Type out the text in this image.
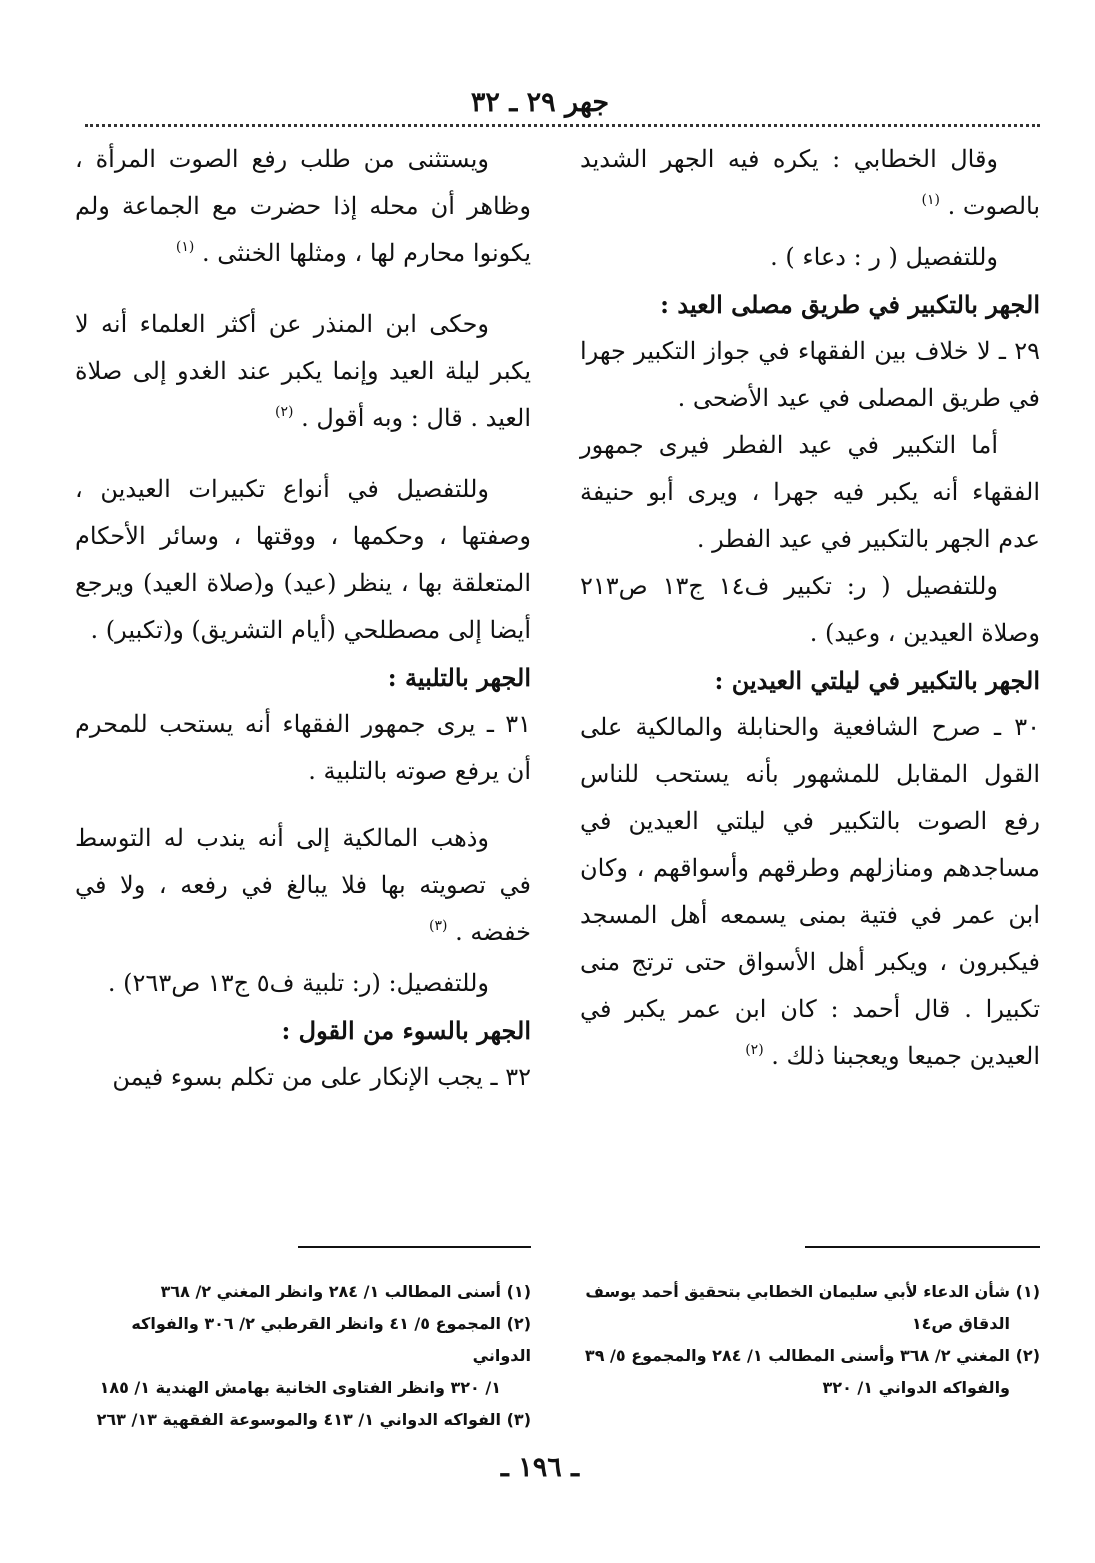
جهر ٢٩ ـ ٣٢

وقال الخطابي : يكره فيه الجهر الشديد بالصوت . $^{(١)}$

وللتفصيل ( ر : دعاء ) .

الجهر بالتكبير في طريق مصلى العيد :

٢٩ ـ لا خلاف بين الفقهاء في جواز التكبير جهرا في طريق المصلى في عيد الأضحى .

أما التكبير في عيد الفطر فيرى جمهور الفقهاء أنه يكبر فيه جهرا ، ويرى أبو حنيفة عدم الجهر بالتكبير في عيد الفطر .

وللتفصيل ( ر: تكبير ف١٤ ج١٣ ص٢١٣ وصلاة العيدين ، وعيد) .

الجهر بالتكبير في ليلتي العيدين :

٣٠ ـ صرح الشافعية والحنابلة والمالكية على القول المقابل للمشهور بأنه يستحب للناس رفع الصوت بالتكبير في ليلتي العيدين في مساجدهم ومنازلهم وطرقهم وأسواقهم ، وكان ابن عمر في فتية بمنى يسمعه أهل المسجد فيكبرون ، ويكبر أهل الأسواق حتى ترتج منى تكبيرا . قال أحمد : كان ابن عمر يكبر في العيدين جميعا ويعجبنا ذلك . $^{(٢)}$

ويستثنى من طلب رفع الصوت المرأة ، وظاهر أن محله إذا حضرت مع الجماعة ولم يكونوا محارم لها ، ومثلها الخنثى . $^{(١)}$

وحكى ابن المنذر عن أكثر العلماء أنه لا يكبر ليلة العيد وإنما يكبر عند الغدو إلى صلاة العيد . قال : وبه أقول . $^{(٢)}$

وللتفصيل في أنواع تكبيرات العيدين ، وصفتها ، وحكمها ، ووقتها ، وسائر الأحكام المتعلقة بها ، ينظر (عيد) و(صلاة العيد) ويرجع أيضا إلى مصطلحي (أيام التشريق) و(تكبير) .

الجهر بالتلبية :

٣١ ـ يرى جمهور الفقهاء أنه يستحب للمحرم أن يرفع صوته بالتلبية .

وذهب المالكية إلى أنه يندب له التوسط في تصويته بها فلا يبالغ في رفعه ، ولا في خفضه . $^{(٣)}$

وللتفصيل: (ر: تلبية ف٥ ج١٣ ص٢٦٣) .

الجهر بالسوء من القول :

٣٢ ـ يجب الإنكار على من تكلم بسوء فيمن

(١) شأن الدعاء لأبي سليمان الخطابي بتحقيق أحمد يوسف

الدقاق ص١٤

(٢) المغني ٢/ ٣٦٨ وأسنى المطالب ١/ ٢٨٤ والمجموع ٥/ ٣٩

والفواكه الدواني ١/ ٣٢٠

(١) أسنى المطالب ١/ ٢٨٤ وانظر المغني ٢/ ٣٦٨

(٢) المجموع ٥/ ٤١ وانظر القرطبي ٢/ ٣٠٦ والفواكه الدواني

١/ ٣٢٠ وانظر الفتاوى الخانية بهامش الهندية ١/ ١٨٥

(٣) الفواكه الدواني ١/ ٤١٣ والموسوعة الفقهية ١٣/ ٢٦٣

ـ ١٩٦ ـ
